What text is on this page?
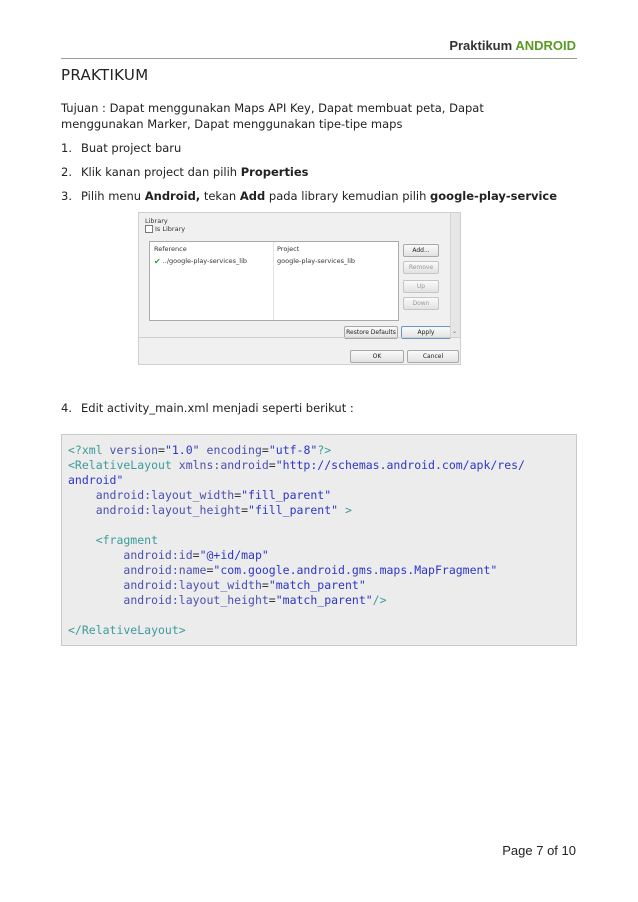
Praktikum ANDROID
PRAKTIKUM
Tujuan : Dapat menggunakan Maps API Key, Dapat membuat peta, Dapat menggunakan Marker, Dapat menggunakan tipe-tipe maps
1. Buat project baru
2. Klik kanan project dan pilih Properties
3. Pilih menu Android, tekan Add pada library kemudian pilih google-play-service
Library
Is Library
Reference	Project
✔ ../google-play-services_lib	google-play-services_lib
Add...
Remove
Up
Down
Restore Defaults	Apply	⌄
OK	Cancel
4. Edit activity_main.xml menjadi seperti berikut :
<?xml version="1.0" encoding="utf-8"?>
<RelativeLayout xmlns:android="http://schemas.android.com/apk/res/
android"
android:layout_width="fill_parent"
android:layout_height="fill_parent" >
<fragment
android:id="@+id/map"
android:name="com.google.android.gms.maps.MapFragment"
android:layout_width="match_parent"
android:layout_height="match_parent"/>
</RelativeLayout>
Page 7 of 10
